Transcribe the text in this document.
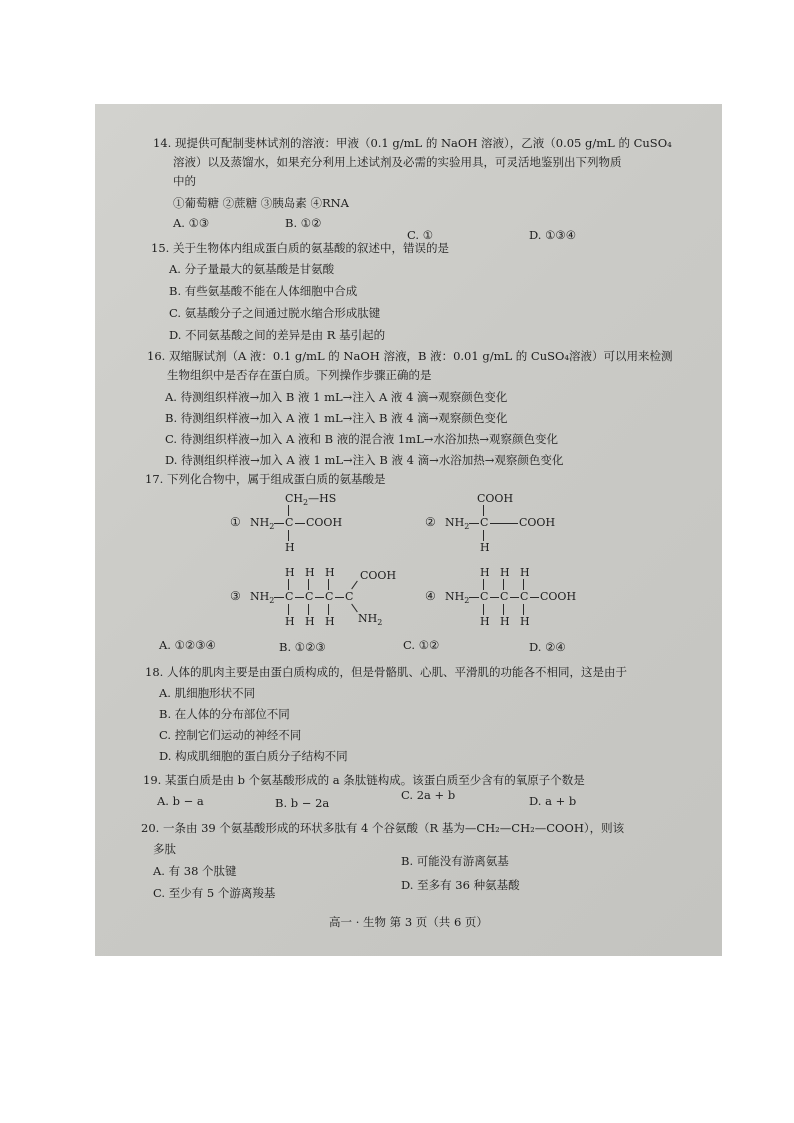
14. 现提供可配制斐林试剂的溶液：甲液（0.1 g/mL 的 NaOH 溶液），乙液（0.05 g/mL 的 CuSO₄
溶液）以及蒸馏水，如果充分利用上述试剂及必需的实验用具，可灵活地鉴别出下列物质
中的
①葡萄糖 ②蔗糖 ③胰岛素 ④RNA
A. ①③	B. ①②
C. ①	D. ①③④
15. 关于生物体内组成蛋白质的氨基酸的叙述中，错误的是
A. 分子量最大的氨基酸是甘氨酸
B. 有些氨基酸不能在人体细胞中合成
C. 氨基酸分子之间通过脱水缩合形成肽键
D. 不同氨基酸之间的差异是由 R 基引起的
16. 双缩脲试剂（A 液：0.1 g/mL 的 NaOH 溶液，B 液：0.01 g/mL 的 CuSO₄溶液）可以用来检测
生物组织中是否存在蛋白质。下列操作步骤正确的是
A. 待测组织样液→加入 B 液 1 mL→注入 A 液 4 滴→观察颜色变化
B. 待测组织样液→加入 A 液 1 mL→注入 B 液 4 滴→观察颜色变化
C. 待测组织样液→加入 A 液和 B 液的混合液 1mL→水浴加热→观察颜色变化
D. 待测组织样液→加入 A 液 1 mL→注入 B 液 4 滴→水浴加热→观察颜色变化
17. 下列化合物中，属于组成蛋白质的氨基酸是
$CH_2—HS$
① $NH_2$ C COOH
H
COOH
② $NH_2$ C	COOH
H
H H H COOH
③ $NH_2$ C C C C
H H H $NH_2$
H H H
④ $NH_2$ C C C COOH
H H H
A. ①②③④	B. ①②③	C. ①②	D. ②④
18. 人体的肌肉主要是由蛋白质构成的，但是骨骼肌、心肌、平滑肌的功能各不相同，这是由于
A. 肌细胞形状不同
B. 在人体的分布部位不同
C. 控制它们运动的神经不同
D. 构成肌细胞的蛋白质分子结构不同
19. 某蛋白质是由 b 个氨基酸形成的 a 条肽链构成。该蛋白质至少含有的氧原子个数是
A. b − a	B. b − 2a
C. 2a + b	D. a + b
20. 一条由 39 个氨基酸形成的环状多肽有 4 个谷氨酸（R 基为—CH₂—CH₂—COOH），则该
多肽
A. 有 38 个肽键
B. 可能没有游离氨基
C. 至少有 5 个游离羧基
D. 至多有 36 种氨基酸
高一 · 生物 第 3 页（共 6 页）
